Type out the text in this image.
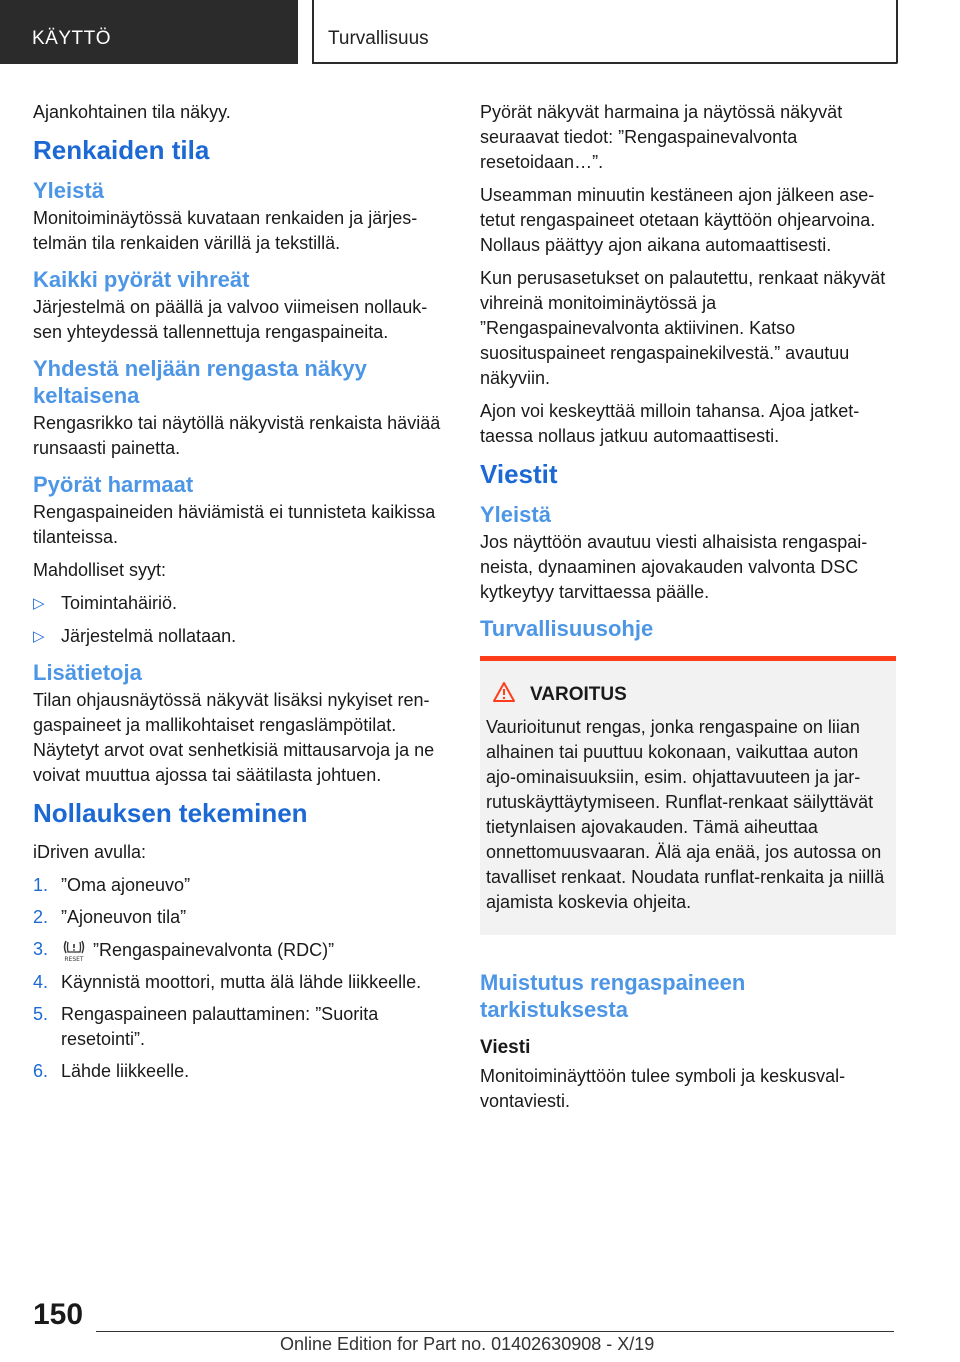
KÄYTTÖ	Turvallisuus

Ajankohtainen tila näkyy.

Renkaiden tila
Yleistä

Monitoiminäytössä kuvataan renkaiden ja järjestelmän tila renkaiden värillä ja tekstillä.

Kaikki pyörät vihreät

Järjestelmä on päällä ja valvoo viimeisen nollauksen yhteydessä tallennettuja rengaspaineita.

Yhdestä neljään rengasta näkyy keltaisena

Rengasrikko tai näytöllä näkyvistä renkaista häviää runsaasti painetta.

Pyörät harmaat

Rengaspaineiden häviämistä ei tunnisteta kaikissa tilanteissa.

Mahdolliset syyt:

▷ Toimintahäiriö.
▷ Järjestelmä nollataan.
Lisätietoja

Tilan ohjausnäytössä näkyvät lisäksi nykyiset rengaspaineet ja mallikohtaiset rengaslämpötilat. Näytetyt arvot ovat senhetkisiä mittausarvoja ja ne voivat muuttua ajossa tai säätilasta johtuen.

Nollauksen tekeminen

iDriven avulla:

1. ”Oma ajoneuvo”
2. ”Ajoneuvon tila”
3.
RESET ”Rengaspainevalvonta (RDC)”
4. Käynnistä moottori, mutta älä lähde liikkeelle.
5. Rengaspaineen palauttaminen: ”Suorita resetointi”.
6. Lähde liikkeelle.

Pyörät näkyvät harmaina ja näytössä näkyvät seuraavat tiedot: ”Rengaspainevalvonta resetoidaan…”.

Useamman minuutin kestäneen ajon jälkeen asetetut rengaspaineet otetaan käyttöön ohjearvoina. Nollaus päättyy ajon aikana automaattisesti.

Kun perusasetukset on palautettu, renkaat näkyvät vihreinä monitoiminäytössä ja ”Rengaspainevalvonta aktiivinen. Katso suosituspaineet rengaspainekilvestä.” avautuu näkyviin.

Ajon voi keskeyttää milloin tahansa. Ajoa jatkettaessa nollaus jatkuu automaattisesti.

Viestit
Yleistä

Jos näyttöön avautuu viesti alhaisista rengaspaineista, dynaaminen ajovakauden valvonta DSC kytkeytyy tarvittaessa päälle.

Turvallisuusohje
VAROITUS

Vaurioitunut rengas, jonka rengaspaine on liian alhainen tai puuttuu kokonaan, vaikuttaa auton ajo-ominaisuuksiin, esim. ohjattavuuteen ja jarrutuskäyttäytymiseen. Runflat-renkaat säilyttävät tietynlaisen ajovakauden. Tämä aiheuttaa onnettomuusvaaran. Älä aja enää, jos autossa on tavalliset renkaat. Noudata runflat-renkaita ja niillä ajamista koskevia ohjeita.

Muistutus rengaspaineen tarkistuksesta
Viesti

Monitoiminäyttöön tulee symboli ja keskusvalvontaviesti.

150
Online Edition for Part no. 01402630908 - X/19
